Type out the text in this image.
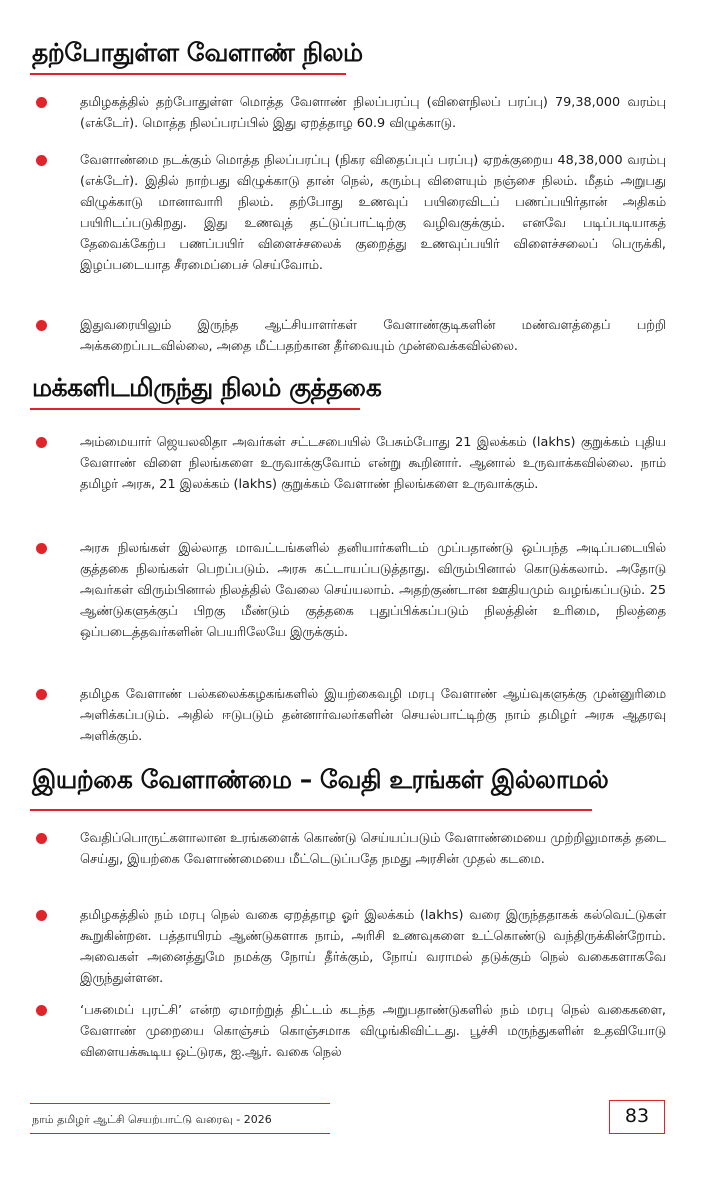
தற்போதுள்ள வேளாண் நிலம்
தமிழகத்தில் தற்போதுள்ள மொத்த வேளாண் நிலப்பரப்பு (விளைநிலப் பரப்பு) 79,38,000 வரம்பு (எக்டேர்). மொத்த நிலப்பரப்பில் இது ஏறத்தாழ 60.9 விழுக்காடு.
வேளாண்மை நடக்கும் மொத்த நிலப்பரப்பு (நிகர விதைப்புப் பரப்பு) ஏறக்குறைய 48,38,000 வரம்பு (எக்டேர்). இதில் நாற்பது விழுக்காடு தான் நெல், கரும்பு விளையும் நஞ்சை நிலம். மீதம் அறுபது விழுக்காடு மானாவாரி நிலம். தற்போது உணவுப் பயிரைவிடப் பணப்பயிர்தான் அதிகம் பயிரிடப்படுகிறது. இது உணவுத் தட்டுப்பாட்டிற்கு வழிவகுக்கும். எனவே படிப்படியாகத் தேவைக்கேற்ப பணப்பயிர் விளைச்சலைக் குறைத்து உணவுப்பயிர் விளைச்சலைப் பெருக்கி, இழப்படையாத சீரமைப்பைச் செய்வோம்.
இதுவரையிலும் இருந்த ஆட்சியாளர்கள் வேளாண்குடிகளின் மண்வளத்தைப் பற்றி அக்கறைப்படவில்லை, அதை மீட்பதற்கான தீர்வையும் முன்வைக்கவில்லை.
மக்களிடமிருந்து நிலம் குத்தகை
அம்மையார் ஜெயலலிதா அவர்கள் சட்டசபையில் பேசும்போது 21 இலக்கம் (lakhs) குறுக்கம் புதிய வேளாண் விளை நிலங்களை உருவாக்குவோம் என்று கூறினார். ஆனால் உருவாக்கவில்லை. நாம் தமிழர் அரசு, 21 இலக்கம் (lakhs) குறுக்கம் வேளாண் நிலங்களை உருவாக்கும்.
அரசு நிலங்கள் இல்லாத மாவட்டங்களில் தனியார்களிடம் முப்பதாண்டு ஒப்பந்த அடிப்படையில் குத்தகை நிலங்கள் பெறப்படும். அரசு கட்டாயப்படுத்தாது. விரும்பினால் கொடுக்கலாம். அதோடு அவர்கள் விரும்பினால் நிலத்தில் வேலை செய்யலாம். அதற்குண்டான ஊதியமும் வழங்கப்படும். 25 ஆண்டுகளுக்குப் பிறகு மீண்டும் குத்தகை புதுப்பிக்கப்படும் நிலத்தின் உரிமை, நிலத்தை ஒப்படைத்தவர்களின் பெயரிலேயே இருக்கும்.
தமிழக வேளாண் பல்கலைக்கழகங்களில் இயற்கைவழி மரபு வேளாண் ஆய்வுகளுக்கு முன்னுரிமை அளிக்கப்படும். அதில் ஈடுபடும் தன்னார்வலர்களின் செயல்பாட்டிற்கு நாம் தமிழர் அரசு ஆதரவு அளிக்கும்.
இயற்கை வேளாண்மை – வேதி உரங்கள் இல்லாமல்
வேதிப்பொருட்களாலான உரங்களைக் கொண்டு செய்யப்படும் வேளாண்மையை முற்றிலுமாகத் தடை செய்து, இயற்கை வேளாண்மையை மீட்டெடுப்பதே நமது அரசின் முதல் கடமை.
தமிழகத்தில் நம் மரபு நெல் வகை ஏறத்தாழ ஓர் இலக்கம் (lakhs) வரை இருந்ததாகக் கல்வெட்டுகள் கூறுகின்றன. பத்தாயிரம் ஆண்டுகளாக நாம், அரிசி உணவுகளை உட்கொண்டு வந்திருக்கின்றோம். அவைகள் அனைத்துமே நமக்கு நோய் தீர்க்கும், நோய் வராமல் தடுக்கும் நெல் வகைகளாகவே இருந்துள்ளன.
‘பசுமைப் புரட்சி’ என்ற ஏமாற்றுத் திட்டம் கடந்த அறுபதாண்டுகளில் நம் மரபு நெல் வகைகளை, வேளாண் முறையை கொஞ்சம் கொஞ்சமாக விழுங்கிவிட்டது. பூச்சி மருந்துகளின் உதவியோடு விளையக்கூடிய ஒட்டுரக, ஐ.ஆர். வகை நெல்
நாம் தமிழர் ஆட்சி செயற்பாட்டு வரைவு - 2026	83
